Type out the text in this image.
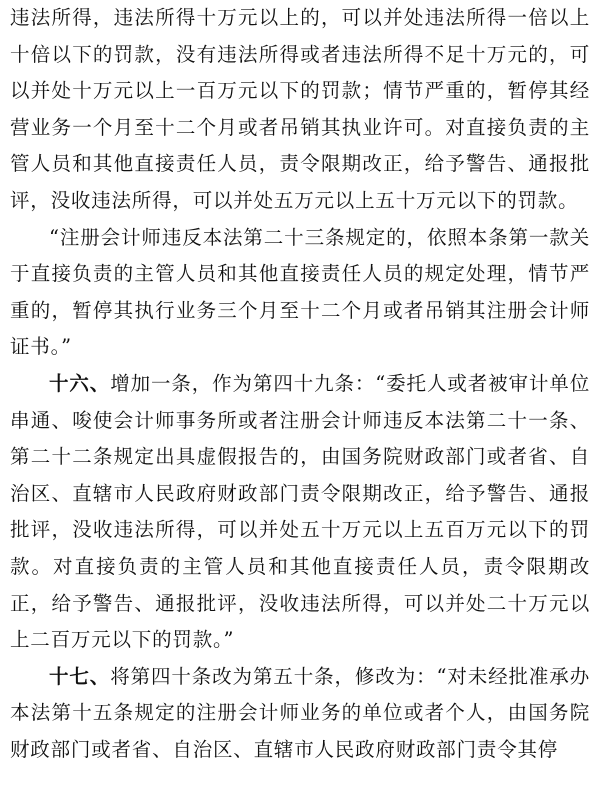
违法所得，违法所得十万元以上的，可以并处违法所得一倍以上十倍以下的罚款，没有违法所得或者违法所得不足十万元的，可以并处十万元以上一百万元以下的罚款；情节严重的，暂停其经营业务一个月至十二个月或者吊销其执业许可。对直接负责的主管人员和其他直接责任人员，责令限期改正，给予警告、通报批评，没收违法所得，可以并处五万元以上五十万元以下的罚款。

“注册会计师违反本法第二十三条规定的，依照本条第一款关于直接负责的主管人员和其他直接责任人员的规定处理，情节严重的，暂停其执行业务三个月至十二个月或者吊销其注册会计师证书。”

十六、增加一条，作为第四十九条：“委托人或者被审计单位串通、唆使会计师事务所或者注册会计师违反本法第二十一条、第二十二条规定出具虚假报告的，由国务院财政部门或者省、自治区、直辖市人民政府财政部门责令限期改正，给予警告、通报批评，没收违法所得，可以并处五十万元以上五百万元以下的罚款。对直接负责的主管人员和其他直接责任人员，责令限期改正，给予警告、通报批评，没收违法所得，可以并处二十万元以上二百万元以下的罚款。”

十七、将第四十条改为第五十条，修改为：“对未经批准承办本法第十五条规定的注册会计师业务的单位或者个人，由国务院财政部门或者省、自治区、直辖市人民政府财政部门责令其停
